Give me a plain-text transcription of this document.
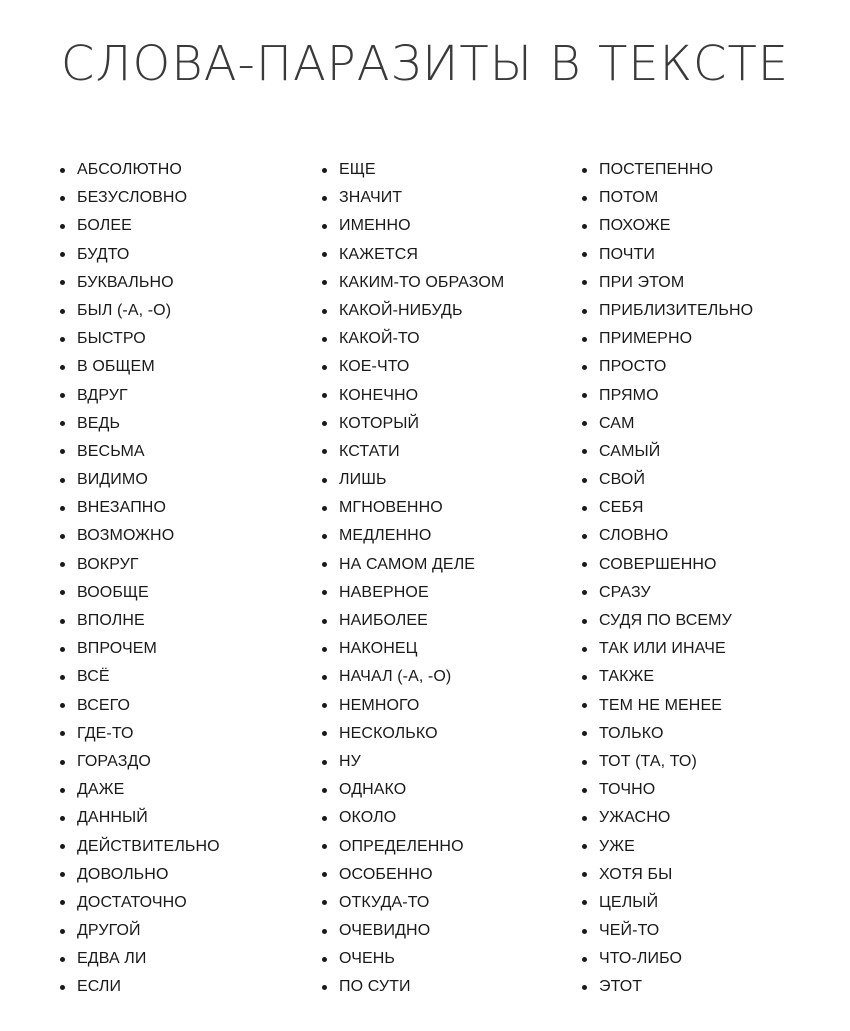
СЛОВА-ПАРАЗИТЫ В ТЕКСТЕ
АБСОЛЮТНО
БЕЗУСЛОВНО
БОЛЕЕ
БУДТО
БУКВАЛЬНО
БЫЛ (-А, -О)
БЫСТРО
В ОБЩЕМ
ВДРУГ
ВЕДЬ
ВЕСЬМА
ВИДИМО
ВНЕЗАПНО
ВОЗМОЖНО
ВОКРУГ
ВООБЩЕ
ВПОЛНЕ
ВПРОЧЕМ
ВСЁ
ВСЕГО
ГДЕ-ТО
ГОРАЗДО
ДАЖЕ
ДАННЫЙ
ДЕЙСТВИТЕЛЬНО
ДОВОЛЬНО
ДОСТАТОЧНО
ДРУГОЙ
ЕДВА ЛИ
ЕСЛИ
ЕЩЕ
ЗНАЧИТ
ИМЕННО
КАЖЕТСЯ
КАКИМ-ТО ОБРАЗОМ
КАКОЙ-НИБУДЬ
КАКОЙ-ТО
КОЕ-ЧТО
КОНЕЧНО
КОТОРЫЙ
КСТАТИ
ЛИШЬ
МГНОВЕННО
МЕДЛЕННО
НА САМОМ ДЕЛЕ
НАВЕРНОЕ
НАИБОЛЕЕ
НАКОНЕЦ
НАЧАЛ (-А, -О)
НЕМНОГО
НЕСКОЛЬКО
НУ
ОДНАКО
ОКОЛО
ОПРЕДЕЛЕННО
ОСОБЕННО
ОТКУДА-ТО
ОЧЕВИДНО
ОЧЕНЬ
ПО СУТИ
ПОСТЕПЕННО
ПОТОМ
ПОХОЖЕ
ПОЧТИ
ПРИ ЭТОМ
ПРИБЛИЗИТЕЛЬНО
ПРИМЕРНО
ПРОСТО
ПРЯМО
САМ
САМЫЙ
СВОЙ
СЕБЯ
СЛОВНО
СОВЕРШЕННО
СРАЗУ
СУДЯ ПО ВСЕМУ
ТАК ИЛИ ИНАЧЕ
ТАКЖЕ
ТЕМ НЕ МЕНЕЕ
ТОЛЬКО
ТОТ (ТА, ТО)
ТОЧНО
УЖАСНО
УЖЕ
ХОТЯ БЫ
ЦЕЛЫЙ
ЧЕЙ-ТО
ЧТО-ЛИБО
ЭТОТ
